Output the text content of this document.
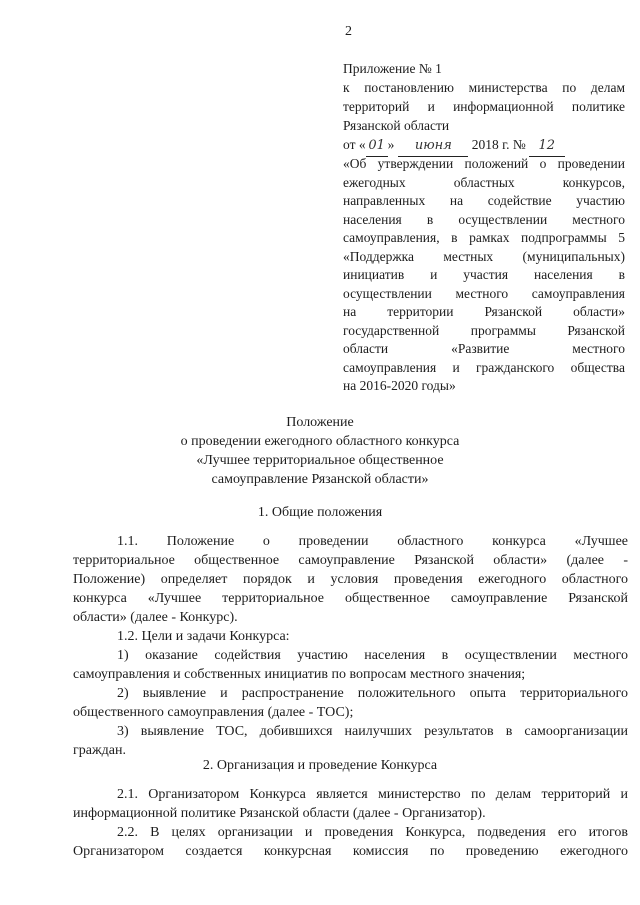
2
Приложение № 1
к постановлению министерства по делам
территорий и информационной политике
Рязанской области
от « 01 » июня 2018 г. № 12
«Об утверждении положений о проведении
ежегодных областных конкурсов,
направленных на содействие участию
населения в осуществлении местного
самоуправления, в рамках подпрограммы 5
«Поддержка местных (муниципальных)
инициатив и участия населения в
осуществлении местного самоуправления
на территории Рязанской области»
государственной программы Рязанской
области «Развитие местного
самоуправления и гражданского общества
на 2016-2020 годы»
Положение
о проведении ежегодного областного конкурса
«Лучшее территориальное общественное
самоуправление Рязанской области»
1. Общие положения
1.1. Положение о проведении областного конкурса «Лучшее
территориальное общественное самоуправление Рязанской области» (далее -
Положение) определяет порядок и условия проведения ежегодного областного
конкурса «Лучшее территориальное общественное самоуправление Рязанской
области» (далее - Конкурс).
1.2. Цели и задачи Конкурса:
1) оказание содействия участию населения в осуществлении местного
самоуправления и собственных инициатив по вопросам местного значения;
2) выявление и распространение положительного опыта территориального
общественного самоуправления (далее - ТОС);
3) выявление ТОС, добившихся наилучших результатов в самоорганизации
граждан.
2. Организация и проведение Конкурса
2.1. Организатором Конкурса является министерство по делам территорий и
информационной политике Рязанской области (далее - Организатор).
2.2. В целях организации и проведения Конкурса, подведения его итогов
Организатором создается конкурсная комиссия по проведению ежегодного
